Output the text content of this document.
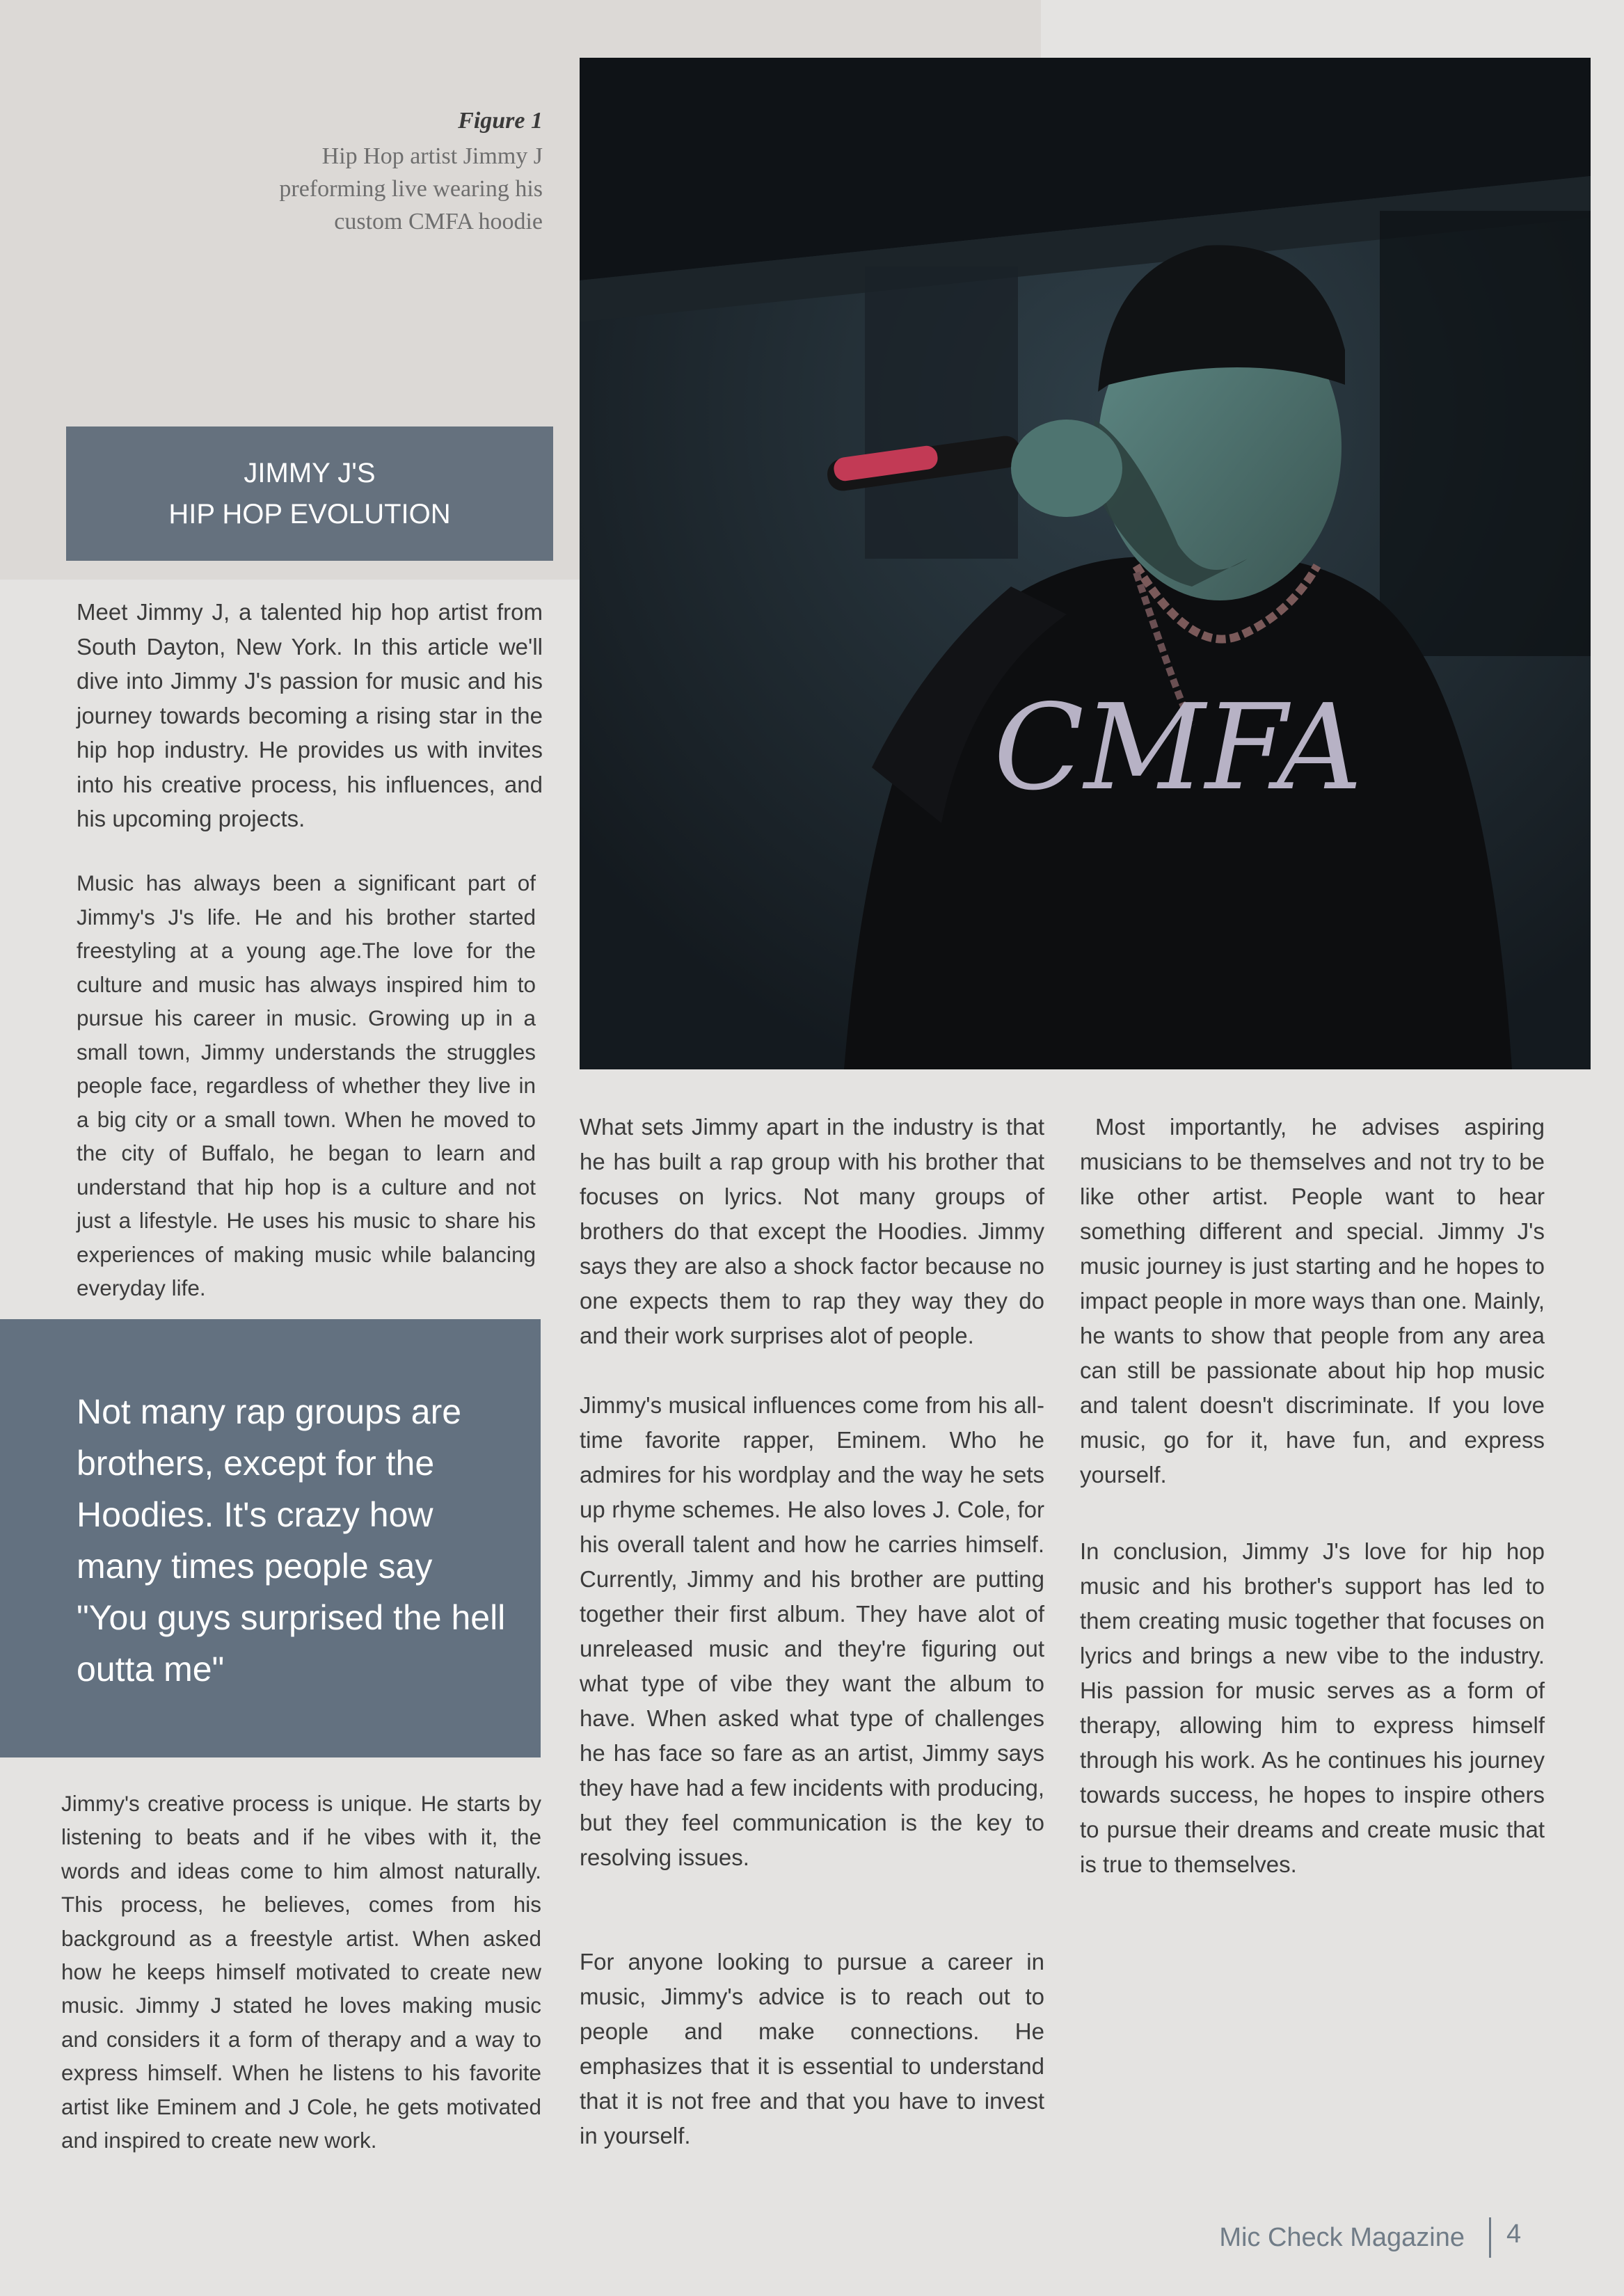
CMFA
Figure 1
Hip Hop artist Jimmy J
preforming live wearing his
custom CMFA hoodie
JIMMY J'S
HIP HOP EVOLUTION
Meet Jimmy J, a talented hip hop artist from South Dayton, New York. In this article we'll dive into Jimmy J's passion for music and his journey towards becoming a rising star in the hip hop industry. He provides us with invites into his creative process, his influences, and his upcoming projects.
Music has always been a significant part of Jimmy's J's life. He and his brother started freestyling at a young age.The love for the culture and music has always inspired him to pursue his career in music. Growing up in a small town, Jimmy understands the struggles people face, regardless of whether they live in a big city or a small town. When he moved to the city of Buffalo, he began to learn and understand that hip hop is a culture and not just a lifestyle. He uses his music to share his experiences of making music while balancing everyday life.
Not many rap groups are brothers, except for the Hoodies. It's crazy how many times people say "You guys surprised the hell outta me"
Jimmy's creative process is unique. He starts by listening to beats and if he vibes with it, the words and ideas come to him almost naturally. This process, he believes, comes from his background as a freestyle artist. When asked how he keeps himself motivated to create new music. Jimmy J stated he loves making music and considers it a form of therapy and a way to express himself. When he listens to his favorite artist like Eminem and J Cole, he gets motivated and inspired to create new work.
What sets Jimmy apart in the industry is that he has built a rap group with his brother that focuses on lyrics. Not many groups of brothers do that except the Hoodies. Jimmy says they are also a shock factor because no one expects them to rap they way they do and their work surprises alot of people.
Jimmy's musical influences come from his all-time favorite rapper, Eminem. Who he admires for his wordplay and the way he sets up rhyme schemes. He also loves J. Cole, for his overall talent and how he carries himself. Currently, Jimmy and his brother are putting together their first album. They have alot of unreleased music and they're figuring out what type of vibe they want the album to have. When asked what type of challenges he has face so fare as an artist, Jimmy says they have had a few incidents with producing, but they feel communication is the key to resolving issues.
For anyone looking to pursue a career in music, Jimmy's advice is to reach out to people and make connections. He emphasizes that it is essential to understand that it is not free and that you have to invest in yourself.
Most importantly, he advises aspiring musicians to be themselves and not try to be like other artist. People want to hear something different and special. Jimmy J's music journey is just starting and he hopes to impact people in more ways than one. Mainly, he wants to show that people from any area can still be passionate about hip hop music and talent doesn't discriminate. If you love music, go for it, have fun, and express yourself.
In conclusion, Jimmy J's love for hip hop music and his brother's support has led to them creating music together that focuses on lyrics and brings a new vibe to the industry. His passion for music serves as a form of therapy, allowing him to express himself through his work. As he continues his journey towards success, he hopes to inspire others to pursue their dreams and create music that is true to themselves.
Mic Check Magazine 4
